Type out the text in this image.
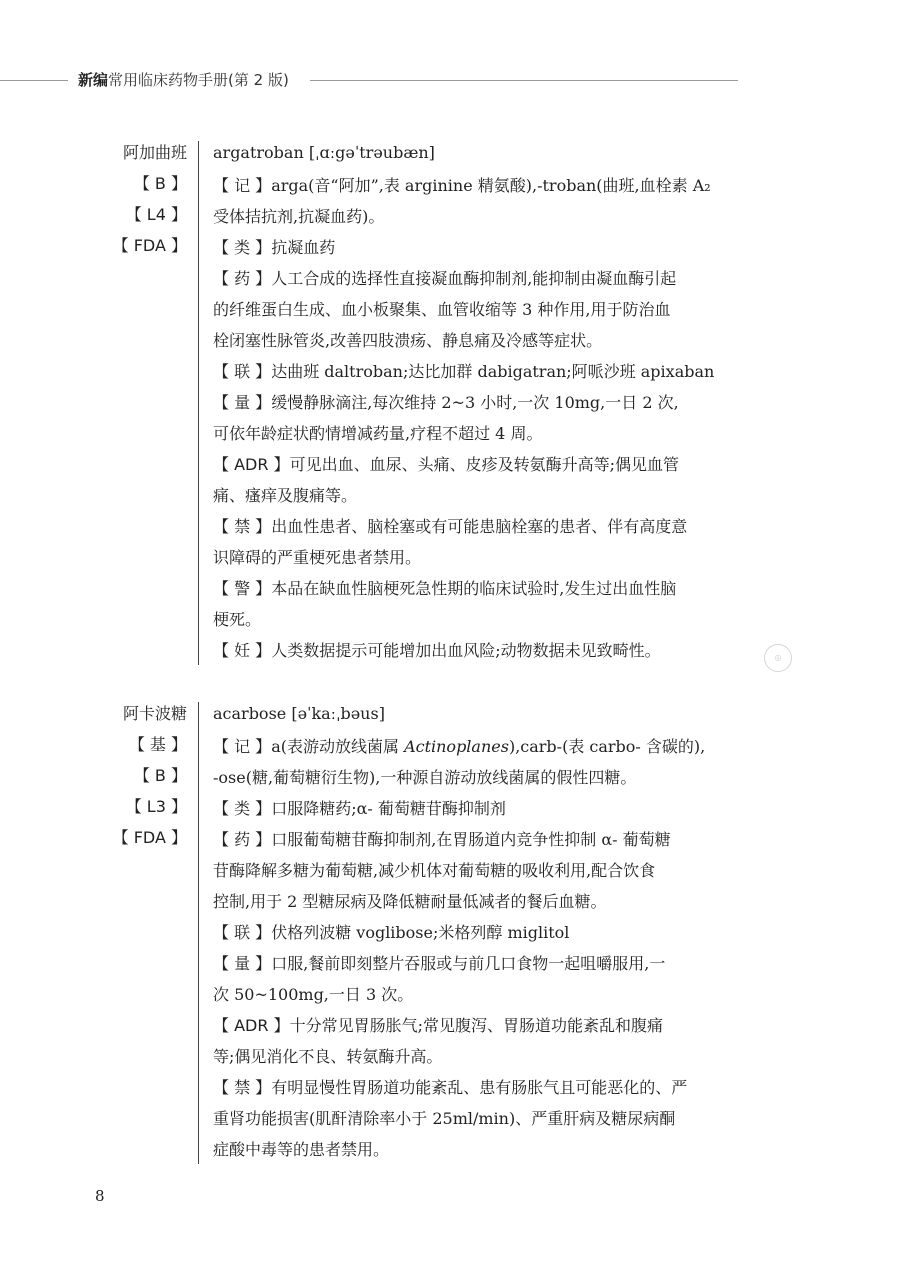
新编常用临床药物手册(第 2 版)
阿加曲班
【 B 】
【 L4 】
【 FDA 】
argatroban [ˌɑːgəˈtrəubæn]
【 记 】arga(音“阿加”,表 arginine 精氨酸),-troban(曲班,血栓素 A₂
受体拮抗剂,抗凝血药)。
【 类 】抗凝血药
【 药 】人工合成的选择性直接凝血酶抑制剂,能抑制由凝血酶引起
的纤维蛋白生成、血小板聚集、血管收缩等 3 种作用,用于防治血
栓闭塞性脉管炎,改善四肢溃疡、静息痛及冷感等症状。
【 联 】达曲班 daltroban;达比加群 dabigatran;阿哌沙班 apixaban
【 量 】缓慢静脉滴注,每次维持 2~3 小时,一次 10mg,一日 2 次,
可依年龄症状酌情增减药量,疗程不超过 4 周。
【 ADR 】可见出血、血尿、头痛、皮疹及转氨酶升高等;偶见血管
痛、瘙痒及腹痛等。
【 禁 】出血性患者、脑栓塞或有可能患脑栓塞的患者、伴有高度意
识障碍的严重梗死患者禁用。
【 警 】本品在缺血性脑梗死急性期的临床试验时,发生过出血性脑
梗死。
【 妊 】人类数据提示可能增加出血风险;动物数据未见致畸性。
阿卡波糖
【 基 】
【 B 】
【 L3 】
【 FDA 】
acarbose [əˈkaːˌbəus]
【 记 】a(表游动放线菌属 Actinoplanes),carb-(表 carbo- 含碳的),
-ose(糖,葡萄糖衍生物),一种源自游动放线菌属的假性四糖。
【 类 】口服降糖药;α- 葡萄糖苷酶抑制剂
【 药 】口服葡萄糖苷酶抑制剂,在胃肠道内竞争性抑制 α- 葡萄糖
苷酶降解多糖为葡萄糖,减少机体对葡萄糖的吸收利用,配合饮食
控制,用于 2 型糖尿病及降低糖耐量低减者的餐后血糖。
【 联 】伏格列波糖 voglibose;米格列醇 miglitol
【 量 】口服,餐前即刻整片吞服或与前几口食物一起咀嚼服用,一
次 50~100mg,一日 3 次。
【 ADR 】十分常见胃肠胀气;常见腹泻、胃肠道功能紊乱和腹痛
等;偶见消化不良、转氨酶升高。
【 禁 】有明显慢性胃肠道功能紊乱、患有肠胀气且可能恶化的、严
重肾功能损害(肌酐清除率小于 25ml/min)、严重肝病及糖尿病酮
症酸中毒等的患者禁用。
◎
8
